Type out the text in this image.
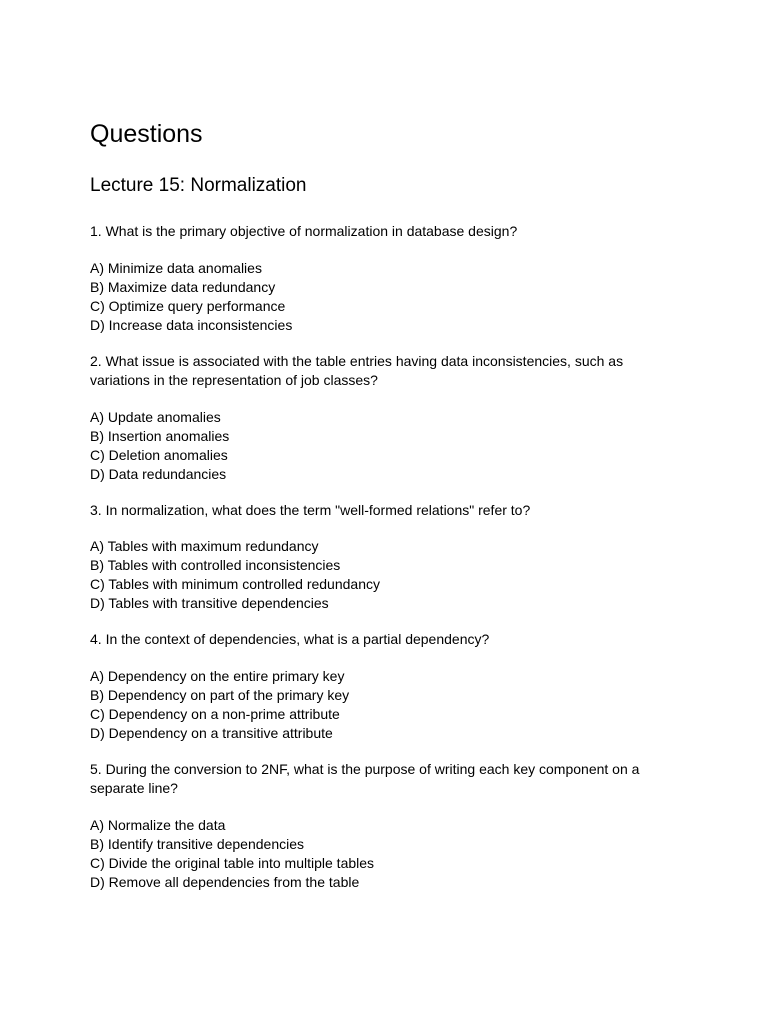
Questions
Lecture 15: Normalization

1. What is the primary objective of normalization in database design?

A) Minimize data anomalies
B) Maximize data redundancy
C) Optimize query performance
D) Increase data inconsistencies

2. What issue is associated with the table entries having data inconsistencies, such as variations in the representation of job classes?

A) Update anomalies
B) Insertion anomalies
C) Deletion anomalies
D) Data redundancies

3. In normalization, what does the term "well-formed relations" refer to?

A) Tables with maximum redundancy
B) Tables with controlled inconsistencies
C) Tables with minimum controlled redundancy
D) Tables with transitive dependencies

4. In the context of dependencies, what is a partial dependency?

A) Dependency on the entire primary key
B) Dependency on part of the primary key
C) Dependency on a non-prime attribute
D) Dependency on a transitive attribute

5. During the conversion to 2NF, what is the purpose of writing each key component on a separate line?

A) Normalize the data
B) Identify transitive dependencies
C) Divide the original table into multiple tables
D) Remove all dependencies from the table
